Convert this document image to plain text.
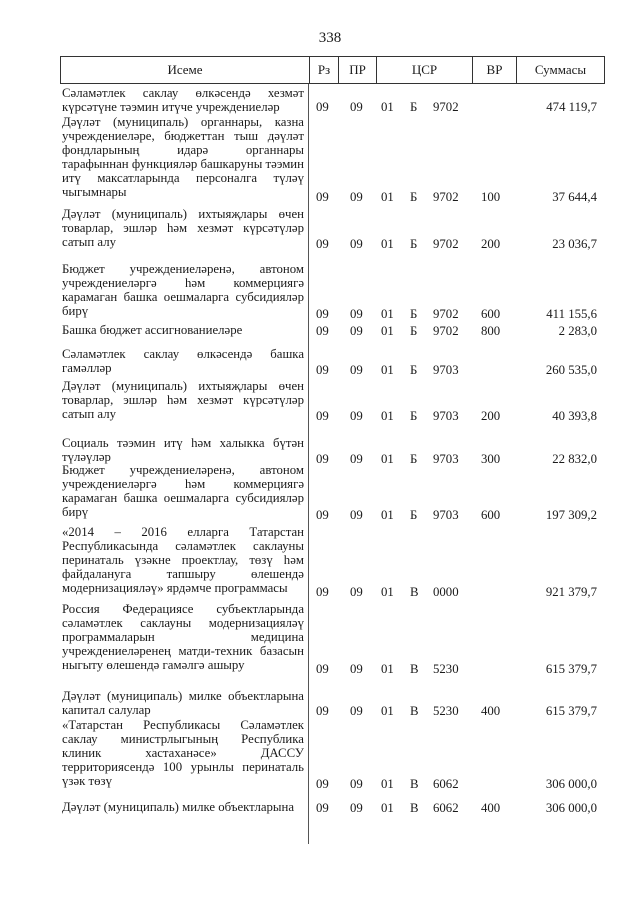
338
Исеме	Рз	ПР	ЦСР	ВР	Суммасы
Сәламәтлек саклау өлкәсендә хезмәт күрсәтүне тәэмин итүче учреждениеләр	09 09 01 Б 9702	474 119,7
Дәүләт (муниципаль) органнары, казна учреждениеләре, бюджеттан тыш дәүләт фондларының идарә органнары тарафыннан функцияләр башкаруны тәэмин итү максатларында персоналга түләү чыгымнары	09 09 01 Б 9702 100	37 644,4
Дәүләт (муниципаль) ихтыяҗлары өчен товарлар, эшләр һәм хезмәт күрсәтүләр сатып алу	09 09 01 Б 9702 200	23 036,7
Бюджет учреждениеләренә, автоном учреждениеләргә һәм коммерциягә карамаган башка оешмаларга субсидияләр бирү	09 09 01 Б 9702 600	411 155,6
Башка бюджет ассигнованиеләре	09 09 01 Б 9702 800	2 283,0
Сәламәтлек саклау өлкәсендә башка гамәлләр	09 09 01 Б 9703	260 535,0
Дәүләт (муниципаль) ихтыяҗлары өчен товарлар, эшләр һәм хезмәт күрсәтүләр сатып алу	09 09 01 Б 9703 200	40 393,8
Социаль тәэмин итү һәм халыкка бүтән түләүләр	09 09 01 Б 9703 300	22 832,0
Бюджет учреждениеләренә, автоном учреждениеләргә һәм коммерциягә карамаган башка оешмаларга субсидияләр бирү	09 09 01 Б 9703 600	197 309,2
«2014 – 2016 елларга Татарстан Республикасында сәламәтлек саклауны перинаталь үзәкне проектлау, төзү һәм файдалануга тапшыру өлешендә модернизацияләү» ярдәмче программасы	09 09 01 В 0000	921 379,7
Россия Федерациясе субъектларында сәламәтлек саклауны модернизацияләү программаларын медицина учреждениеләренең матди-техник базасын ныгыту өлешендә гамәлгә ашыру	09 09 01 В 5230	615 379,7
Дәүләт (муниципаль) милке объектларына капитал салулар	09 09 01 В 5230 400	615 379,7
«Татарстан Республикасы Сәламәтлек саклау министрлыгының Республика клиник хастаханәсе» ДАССУ территориясендә 100 урынлы перинаталь үзәк төзү	09 09 01 В 6062	306 000,0
Дәүләт (муниципаль) милке объектларына	09 09 01 В 6062 400	306 000,0
